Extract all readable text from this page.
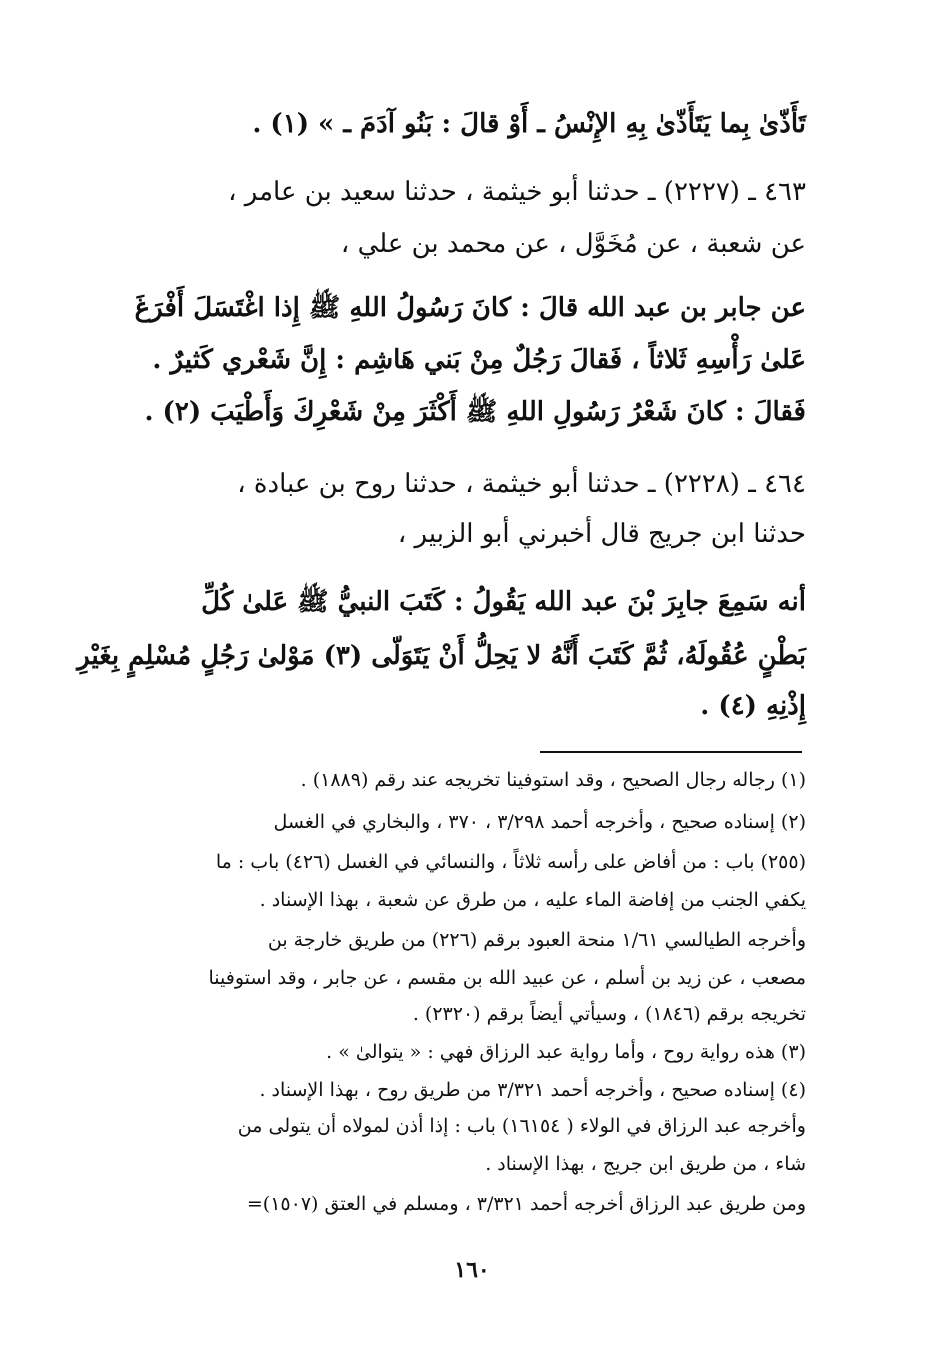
تَأَذّىٰ بِما يَتَأَذّىٰ بِهِ الإِنْسُ ـ أَوْ قالَ : بَنُو آدَمَ ـ » (١) .
٤٦٣ ـ (٢٢٢٧) ـ حدثنا أبو خيثمة ، حدثنا سعيد بن عامر ،
عن شعبة ، عن مُخَوَّل ، عن محمد بن علي ،
عن جابر بن عبد الله قالَ : كانَ رَسُولُ اللهِ ﷺ إِذا اغْتَسَلَ أَفْرَغَ
عَلىٰ رَأْسِهِ ثَلاثاً ، فَقالَ رَجُلٌ مِنْ بَني هَاشِم : إِنَّ شَعْري كَثيرٌ .
فَقالَ : كانَ شَعْرُ رَسُولِ اللهِ ﷺ أَكْثَرَ مِنْ شَعْرِكَ وَأَطْيَبَ (٢) .
٤٦٤ ـ (٢٢٢٨) ـ حدثنا أبو خيثمة ، حدثنا روح بن عبادة ،
حدثنا ابن جريج قال أخبرني أبو الزبير ،
أنه سَمِعَ جابِرَ بْنَ عبد الله يَقُولُ : كَتَبَ النبيُّ ﷺ عَلىٰ كُلِّ
بَطْنٍ عُقُولَهُ، ثُمَّ كَتَبَ أَنَّهُ لا يَحِلُّ أَنْ يَتَوَلّى (٣) مَوْلىٰ رَجُلٍ مُسْلِمٍ بِغَيْرِ
إِذْنِهِ (٤) .
(١) رجاله رجال الصحيح ، وقد استوفينا تخريجه عند رقم (١٨٨٩) .
(٢) إسناده صحيح ، وأخرجه أحمد ٣/٢٩٨ ، ٣٧٠ ، والبخاري في الغسل
(٢٥٥) باب : من أفاض على رأسه ثلاثاً ، والنسائي في الغسل (٤٢٦) باب : ما
يكفي الجنب من إفاضة الماء عليه ، من طرق عن شعبة ، بهذا الإسناد .
وأخرجه الطيالسي ١/٦١ منحة العبود برقم (٢٢٦) من طريق خارجة بن
مصعب ، عن زيد بن أسلم ، عن عبيد الله بن مقسم ، عن جابر ، وقد استوفينا
تخريجه برقم (١٨٤٦) ، وسيأتي أيضاً برقم (٢٣٢٠) .
(٣) هذه رواية روح ، وأما رواية عبد الرزاق فهي : « يتوالىٰ » .
(٤) إسناده صحيح ، وأخرجه أحمد ٣/٣٢١ من طريق روح ، بهذا الإسناد .
وأخرجه عبد الرزاق في الولاء ( ١٦١٥٤) باب : إذا أذن لمولاه أن يتولى من
شاء ، من طريق ابن جريج ، بهذا الإسناد .
ومن طريق عبد الرزاق أخرجه أحمد ٣/٣٢١ ، ومسلم في العتق (١٥٠٧)=
١٦٠
